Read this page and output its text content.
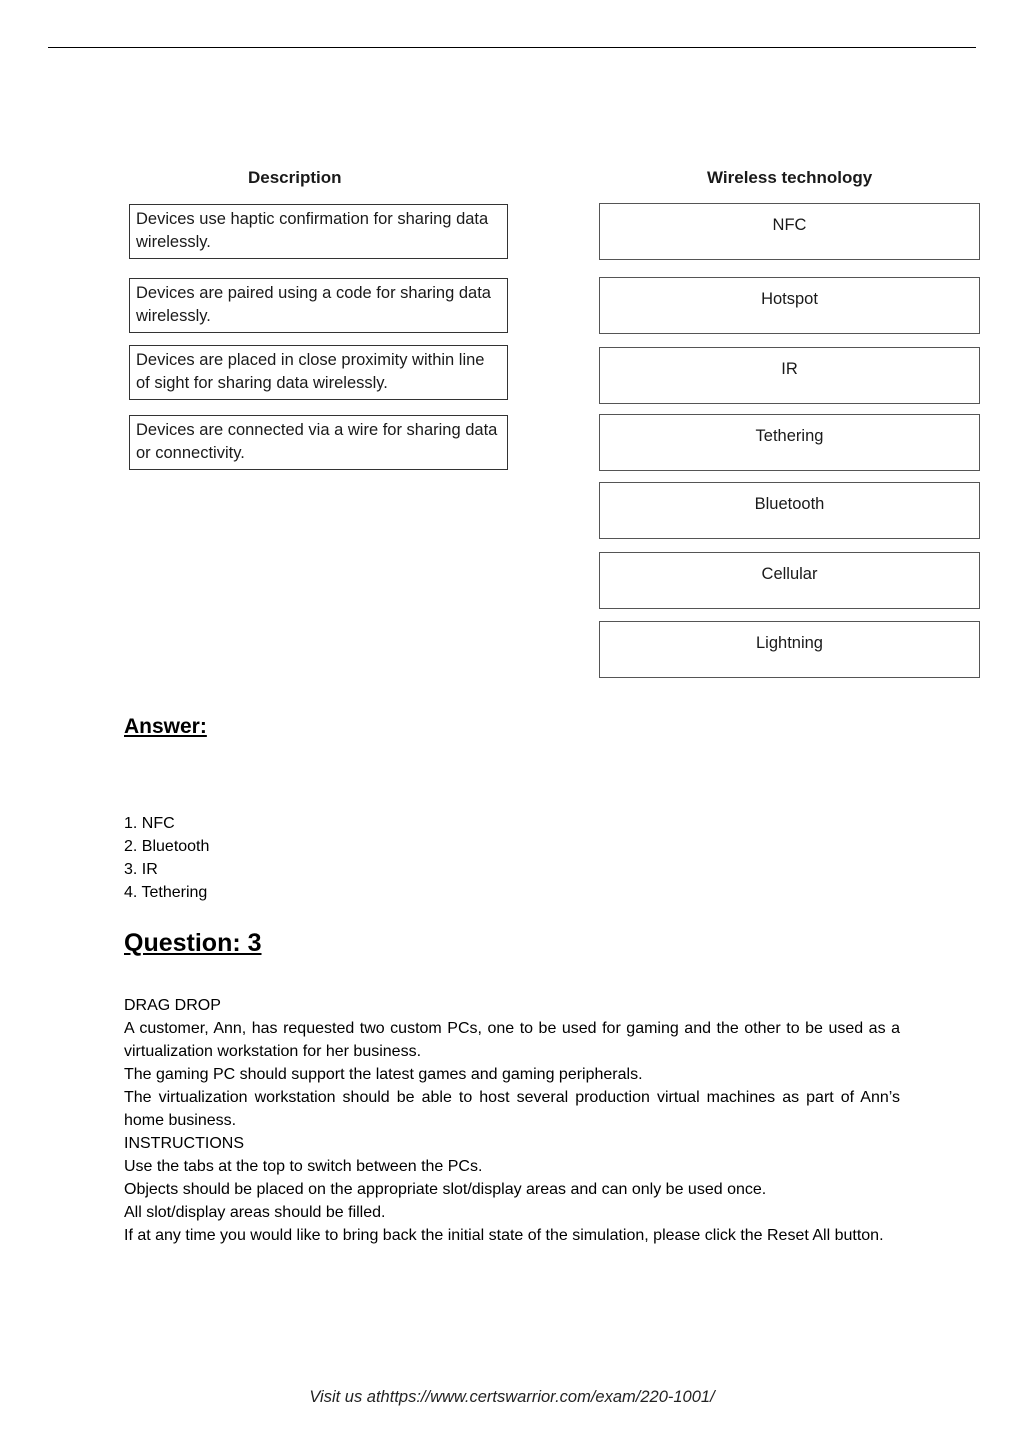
Description	Wireless technology
Devices use haptic confirmation for sharing data wirelessly.
Devices are paired using a code for sharing data wirelessly.
Devices are placed in close proximity within line of sight for sharing data wirelessly.
Devices are connected via a wire for sharing data or connectivity.
NFC
Hotspot
IR
Tethering
Bluetooth
Cellular
Lightning
Answer:
1. NFC
2. Bluetooth
3. IR
4. Tethering
Question: 3

DRAG DROP

A customer, Ann, has requested two custom PCs, one to be used for gaming and the other to be used as a virtualization workstation for her business.

The gaming PC should support the latest games and gaming peripherals.

The virtualization workstation should be able to host several production virtual machines as part of Ann’s home business.

INSTRUCTIONS

Use the tabs at the top to switch between the PCs.

Objects should be placed on the appropriate slot/display areas and can only be used once.

All slot/display areas should be filled.

If at any time you would like to bring back the initial state of the simulation, please click the Reset All button.

Visit us athttps://www.certswarrior.com/exam/220-1001/
